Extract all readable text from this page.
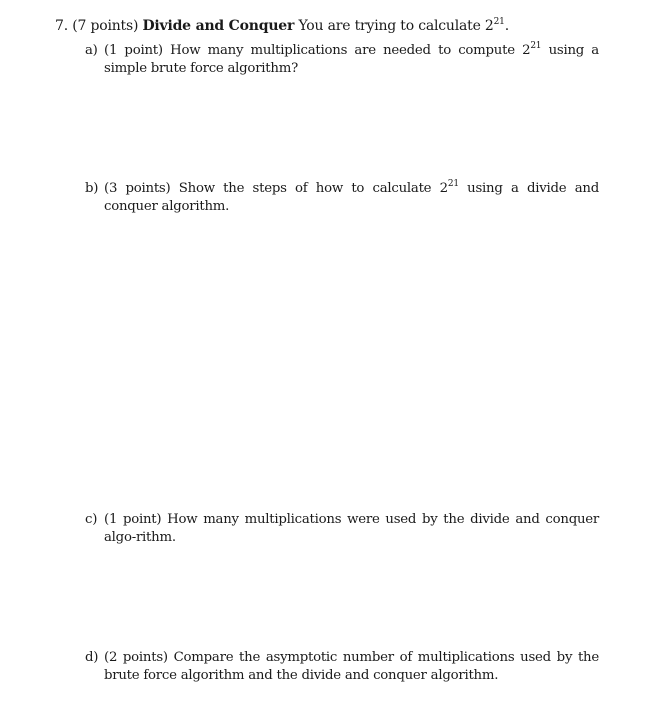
7. (7 points) Divide and Conquer You are trying to calculate $2^{21}$.
a) (1 point) How many multiplications are needed to compute $2^{21}$ using a simple brute force algorithm?
b) (3 points) Show the steps of how to calculate $2^{21}$ using a divide and conquer algorithm.
c) (1 point) How many multiplications were used by the divide and conquer algo-rithm.
d) (2 points) Compare the asymptotic number of multiplications used by the brute force algorithm and the divide and conquer algorithm.
